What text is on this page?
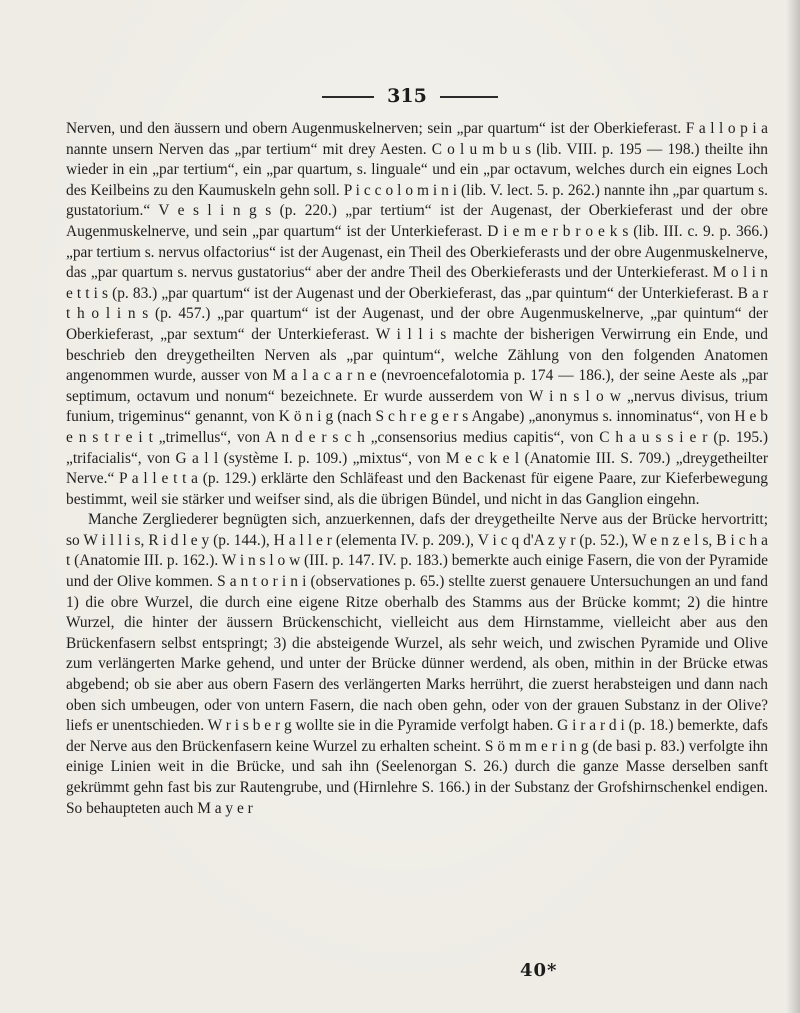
315

Nerven, und den äussern und obern Augenmuskelnerven; sein „par quartum“ ist der Oberkieferast. F a l l o p i a nannte unsern Nerven das „par tertium“ mit drey Aesten. C o l u m b u s (lib. VIII. p. 195 — 198.) theilte ihn wieder in ein „par tertium“, ein „par quartum, s. linguale“ und ein „par octavum, welches durch ein eignes Loch des Keilbeins zu den Kaumuskeln gehn soll. P i c c o l o m i n i (lib. V. lect. 5. p. 262.) nannte ihn „par quartum s. gustatorium.“ V e s l i n g s (p. 220.) „par tertium“ ist der Augenast, der Oberkieferast und der obre Augenmuskelnerve, und sein „par quartum“ ist der Unterkieferast. D i e m e r b r o e k s (lib. III. c. 9. p. 366.) „par tertium s. nervus olfactorius“ ist der Augenast, ein Theil des Oberkieferasts und der obre Augenmuskelnerve, das „par quartum s. nervus gustatorius“ aber der andre Theil des Oberkieferasts und der Unterkieferast. M o l i n e t t i s (p. 83.) „par quartum“ ist der Augenast und der Oberkieferast, das „par quintum“ der Unterkieferast. B a r t h o l i n s (p. 457.) „par quartum“ ist der Augenast, und der obre Augenmuskelnerve, „par quintum“ der Oberkieferast, „par sextum“ der Unterkieferast. W i l l i s machte der bisherigen Verwirrung ein Ende, und beschrieb den dreygetheilten Nerven als „par quintum“, welche Zählung von den folgenden Anatomen angenommen wurde, ausser von M a l a c a r n e (nevroencefalotomia p. 174 — 186.), der seine Aeste als „par septimum, octavum und nonum“ bezeichnete. Er wurde ausserdem von W i n s l o w „nervus divisus, trium funium, trigeminus“ genannt, von K ö n i g (nach S c h r e g e r s Angabe) „anonymus s. innominatus“, von H e b e n s t r e i t „trimellus“, von A n d e r s c h „consensorius medius capitis“, von C h a u s s i e r (p. 195.) „trifacialis“, von G a l l (système I. p. 109.) „mixtus“, von M e c k e l (Anatomie III. S. 709.) „dreygetheilter Nerve.“ P a l l e t t a (p. 129.) erklärte den Schläfeast und den Backenast für eigene Paare, zur Kieferbewegung bestimmt, weil sie stärker und weifser sind, als die übrigen Bündel, und nicht in das Ganglion eingehn.

Manche Zergliederer begnügten sich, anzuerkennen, dafs der dreygetheilte Nerve aus der Brücke hervortritt; so W i l l i s, R i d l e y (p. 144.), H a l l e r (elementa IV. p. 209.), V i c q d'A z y r (p. 52.), W e n z e l s, B i c h a t (Anatomie III. p. 162.). W i n s l o w (III. p. 147. IV. p. 183.) bemerkte auch einige Fasern, die von der Pyramide und der Olive kommen. S a n t o r i n i (observationes p. 65.) stellte zuerst genauere Untersuchungen an und fand 1) die obre Wurzel, die durch eine eigene Ritze oberhalb des Stamms aus der Brücke kommt; 2) die hintre Wurzel, die hinter der äussern Brückenschicht, vielleicht aus dem Hirnstamme, vielleicht aber aus den Brückenfasern selbst entspringt; 3) die absteigende Wurzel, als sehr weich, und zwischen Pyramide und Olive zum verlängerten Marke gehend, und unter der Brücke dünner werdend, als oben, mithin in der Brücke etwas abgebend; ob sie aber aus obern Fasern des verlängerten Marks herrührt, die zuerst herabsteigen und dann nach oben sich umbeugen, oder von untern Fasern, die nach oben gehn, oder von der grauen Substanz in der Olive? liefs er unentschieden. W r i s b e r g wollte sie in die Pyramide verfolgt haben. G i r a r d i (p. 18.) bemerkte, dafs der Nerve aus den Brückenfasern keine Wurzel zu erhalten scheint. S ö m m e r i n g (de basi p. 83.) verfolgte ihn einige Linien weit in die Brücke, und sah ihn (Seelenorgan S. 26.) durch die ganze Masse derselben sanft gekrümmt gehn fast bis zur Rautengrube, und (Hirnlehre S. 166.) in der Substanz der Grofshirnschenkel endigen. So behaupteten auch M a y e r

40*
